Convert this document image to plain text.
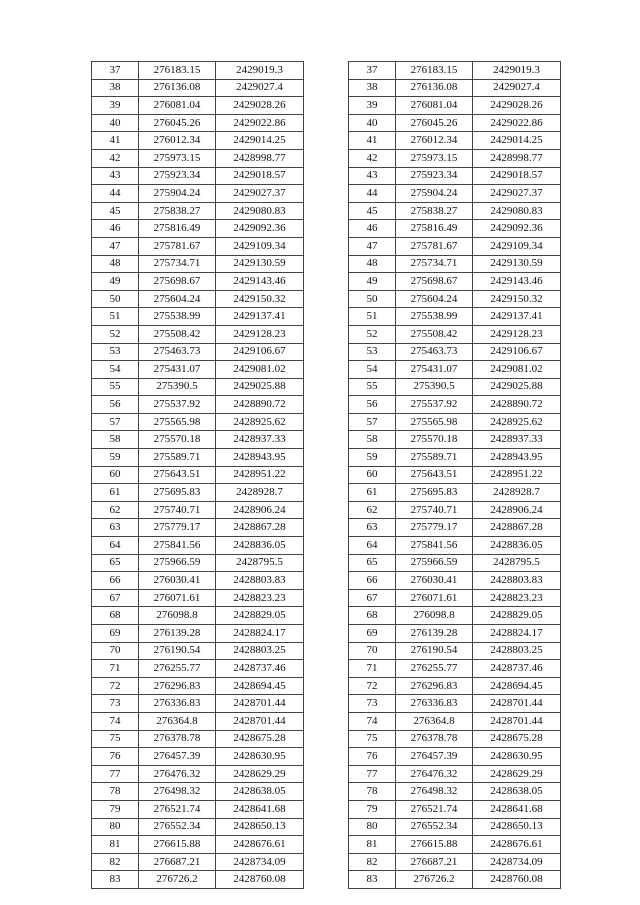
37	276183.15	2429019.3
38	276136.08	2429027.4
39	276081.04	2429028.26
40	276045.26	2429022.86
41	276012.34	2429014.25
42	275973.15	2428998.77
43	275923.34	2429018.57
44	275904.24	2429027.37
45	275838.27	2429080.83
46	275816.49	2429092.36
47	275781.67	2429109.34
48	275734.71	2429130.59
49	275698.67	2429143.46
50	275604.24	2429150.32
51	275538.99	2429137.41
52	275508.42	2429128.23
53	275463.73	2429106.67
54	275431.07	2429081.02
55	275390.5	2429025.88
56	275537.92	2428890.72
57	275565.98	2428925.62
58	275570.18	2428937.33
59	275589.71	2428943.95
60	275643.51	2428951.22
61	275695.83	2428928.7
62	275740.71	2428906.24
63	275779.17	2428867.28
64	275841.56	2428836.05
65	275966.59	2428795.5
66	276030.41	2428803.83
67	276071.61	2428823.23
68	276098.8	2428829.05
69	276139.28	2428824.17
70	276190.54	2428803.25
71	276255.77	2428737.46
72	276296.83	2428694.45
73	276336.83	2428701.44
74	276364.8	2428701.44
75	276378.78	2428675.28
76	276457.39	2428630.95
77	276476.32	2428629.29
78	276498.32	2428638.05
79	276521.74	2428641.68
80	276552.34	2428650.13
81	276615.88	2428676.61
82	276687.21	2428734.09
83	276726.2	2428760.08
37	276183.15	2429019.3
38	276136.08	2429027.4
39	276081.04	2429028.26
40	276045.26	2429022.86
41	276012.34	2429014.25
42	275973.15	2428998.77
43	275923.34	2429018.57
44	275904.24	2429027.37
45	275838.27	2429080.83
46	275816.49	2429092.36
47	275781.67	2429109.34
48	275734.71	2429130.59
49	275698.67	2429143.46
50	275604.24	2429150.32
51	275538.99	2429137.41
52	275508.42	2429128.23
53	275463.73	2429106.67
54	275431.07	2429081.02
55	275390.5	2429025.88
56	275537.92	2428890.72
57	275565.98	2428925.62
58	275570.18	2428937.33
59	275589.71	2428943.95
60	275643.51	2428951.22
61	275695.83	2428928.7
62	275740.71	2428906.24
63	275779.17	2428867.28
64	275841.56	2428836.05
65	275966.59	2428795.5
66	276030.41	2428803.83
67	276071.61	2428823.23
68	276098.8	2428829.05
69	276139.28	2428824.17
70	276190.54	2428803.25
71	276255.77	2428737.46
72	276296.83	2428694.45
73	276336.83	2428701.44
74	276364.8	2428701.44
75	276378.78	2428675.28
76	276457.39	2428630.95
77	276476.32	2428629.29
78	276498.32	2428638.05
79	276521.74	2428641.68
80	276552.34	2428650.13
81	276615.88	2428676.61
82	276687.21	2428734.09
83	276726.2	2428760.08
